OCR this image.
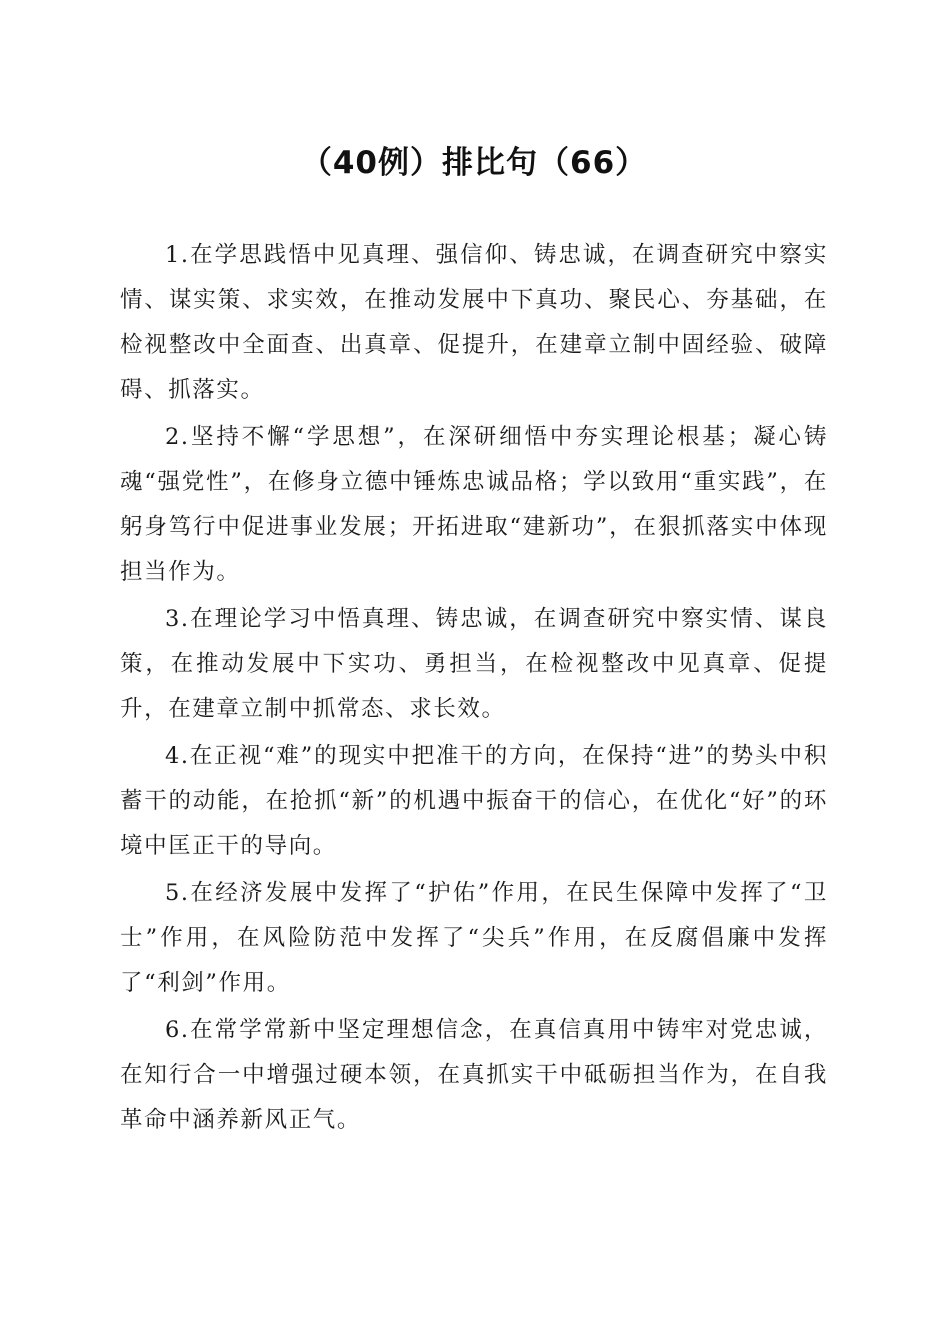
（40例）排比句（66）

1.在学思践悟中见真理、强信仰、铸忠诚，在调查研究中察实情、谋实策、求实效，在推动发展中下真功、聚民心、夯基础，在检视整改中全面查、出真章、促提升，在建章立制中固经验、破障碍、抓落实。

2.坚持不懈“学思想”，在深研细悟中夯实理论根基；凝心铸魂“强党性”，在修身立德中锤炼忠诚品格；学以致用“重实践”，在躬身笃行中促进事业发展；开拓进取“建新功”，在狠抓落实中体现担当作为。

3.在理论学习中悟真理、铸忠诚，在调查研究中察实情、谋良策，在推动发展中下实功、勇担当，在检视整改中见真章、促提升，在建章立制中抓常态、求长效。

4.在正视“难”的现实中把准干的方向，在保持“进”的势头中积蓄干的动能，在抢抓“新”的机遇中振奋干的信心，在优化“好”的环境中匡正干的导向。

5.在经济发展中发挥了“护佑”作用，在民生保障中发挥了“卫士”作用，在风险防范中发挥了“尖兵”作用，在反腐倡廉中发挥了“利剑”作用。

6.在常学常新中坚定理想信念，在真信真用中铸牢对党忠诚，在知行合一中增强过硬本领，在真抓实干中砥砺担当作为，在自我革命中涵养新风正气。
